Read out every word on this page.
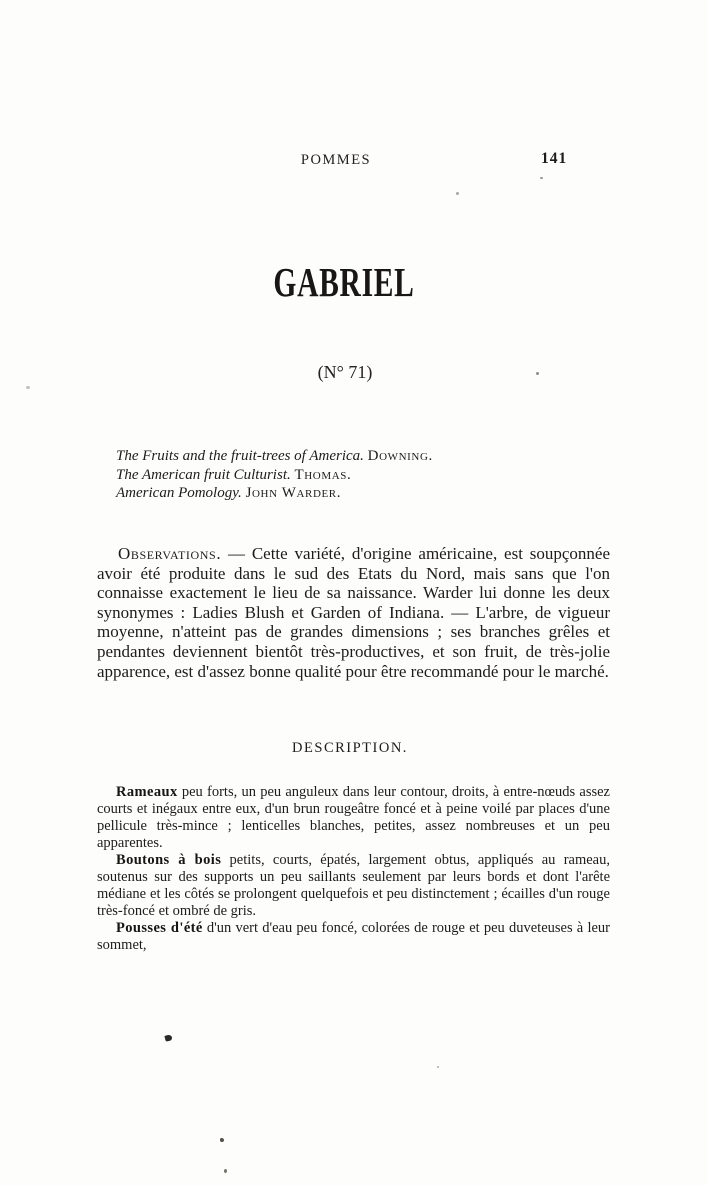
POMMES	141
GABRIEL
(N° 71)
The Fruits and the fruit-trees of America. Downing.
The American fruit Culturist. Thomas.
American Pomology. John Warder.

Observations. — Cette variété, d'origine américaine, est soupçonnée avoir été produite dans le sud des Etats du Nord, mais sans que l'on connaisse exactement le lieu de sa naissance. Warder lui donne les deux synonymes : Ladies Blush et Garden of Indiana. — L'arbre, de vigueur moyenne, n'atteint pas de grandes dimensions ; ses branches grêles et pendantes deviennent bientôt très-productives, et son fruit, de très-jolie apparence, est d'assez bonne qualité pour être recommandé pour le marché.

DESCRIPTION.

Rameaux peu forts, un peu anguleux dans leur contour, droits, à entre-nœuds assez courts et inégaux entre eux, d'un brun rougeâtre foncé et à peine voilé par places d'une pellicule très-mince ; lenticelles blanches, petites, assez nombreuses et un peu apparentes.

Boutons à bois petits, courts, épatés, largement obtus, appliqués au rameau, soutenus sur des supports un peu saillants seulement par leurs bords et dont l'arête médiane et les côtés se prolongent quelquefois et peu distinctement ; écailles d'un rouge très-foncé et ombré de gris.

Pousses d'été d'un vert d'eau peu foncé, colorées de rouge et peu duveteuses à leur sommet,
